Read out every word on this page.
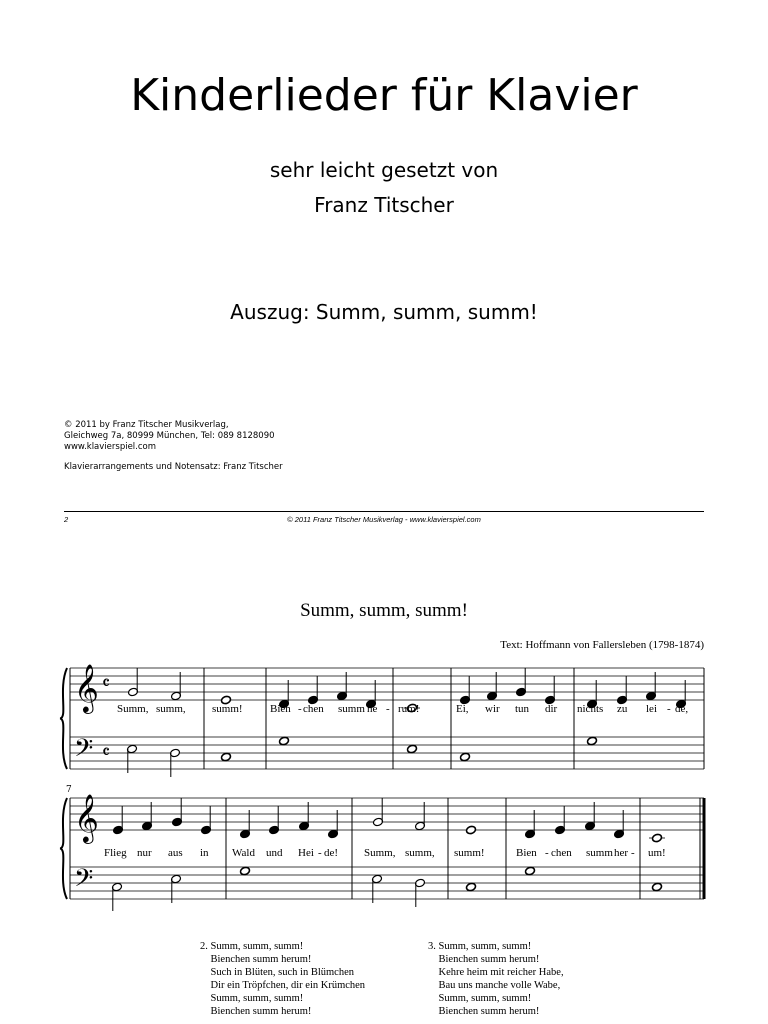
Kinderlieder für Klavier
sehr leicht gesetzt von
Franz Titscher
Auszug: Summ, summ, summ!
© 2011 by Franz Titscher Musikverlag,
Gleichweg 7a, 80999 München, Tel: 089 8128090
www.klavierspiel.com
Klavierarrangements und Notensatz: Franz Titscher
2	© 2011 Franz Titscher Musikverlag - www.klavierspiel.com
Summ, summ, summ!
Text: Hoffmann von Fallersleben (1798-1874)
𝄞
𝄢
𝄴
𝄴
Summ, summ, summ! Bien - chen summ he - rum!	Ei, wir tun dir nichts zu lei - de,
𝄞
𝄢
7
Flieg nur aus in Wald und Hei - de! Summ, summ, summ!	Bien - chen summ her - um!
2. Summ, summ, summ!
Bienchen summ herum!
Such in Blüten, such in Blümchen
Dir ein Tröpfchen, dir ein Krümchen
Summ, summ, summ!
Bienchen summ herum!
3. Summ, summ, summ!
Bienchen summ herum!
Kehre heim mit reicher Habe,
Bau uns manche volle Wabe,
Summ, summ, summ!
Bienchen summ herum!
